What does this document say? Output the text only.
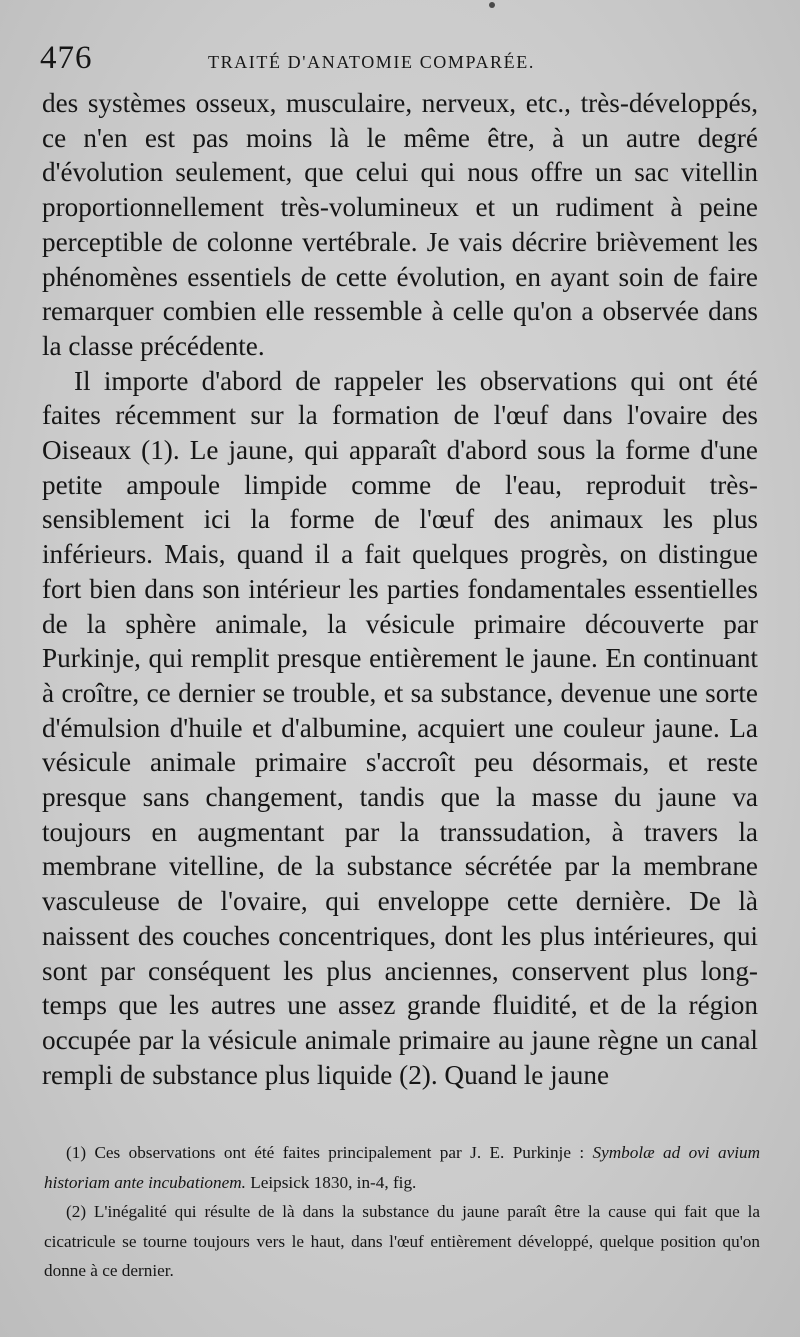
476	TRAITÉ D'ANATOMIE COMPARÉE.

des systèmes osseux, musculaire, nerveux, etc., très-développés, ce n'en est pas moins là le même être, à un autre degré d'évolution seulement, que celui qui nous offre un sac vitellin proportionnellement très-volumineux et un rudiment à peine perceptible de colonne vertébrale. Je vais décrire brièvement les phénomènes essentiels de cette évolution, en ayant soin de faire remarquer combien elle ressemble à celle qu'on a observée dans la classe précédente.

Il importe d'abord de rappeler les observations qui ont été faites récemment sur la formation de l'œuf dans l'ovaire des Oiseaux (1). Le jaune, qui apparaît d'abord sous la forme d'une petite ampoule limpide comme de l'eau, reproduit très-sensiblement ici la forme de l'œuf des animaux les plus inférieurs. Mais, quand il a fait quelques progrès, on distingue fort bien dans son intérieur les parties fondamentales essentielles de la sphère animale, la vésicule primaire découverte par Purkinje, qui remplit presque entièrement le jaune. En continuant à croître, ce dernier se trouble, et sa substance, devenue une sorte d'émulsion d'huile et d'albumine, acquiert une couleur jaune. La vésicule animale primaire s'accroît peu désormais, et reste presque sans changement, tandis que la masse du jaune va toujours en augmentant par la transsudation, à travers la membrane vitelline, de la substance sécrétée par la membrane vasculeuse de l'ovaire, qui enveloppe cette dernière. De là naissent des couches concentriques, dont les plus intérieures, qui sont par conséquent les plus anciennes, conservent plus long-temps que les autres une assez grande fluidité, et de la région occupée par la vésicule animale primaire au jaune règne un canal rempli de substance plus liquide (2). Quand le jaune

(1) Ces observations ont été faites principalement par J. E. Purkinje : Symbolæ ad ovi avium historiam ante incubationem. Leipsick 1830, in-4, fig.

(2) L'inégalité qui résulte de là dans la substance du jaune paraît être la cause qui fait que la cicatricule se tourne toujours vers le haut, dans l'œuf entièrement développé, quelque position qu'on donne à ce dernier.
